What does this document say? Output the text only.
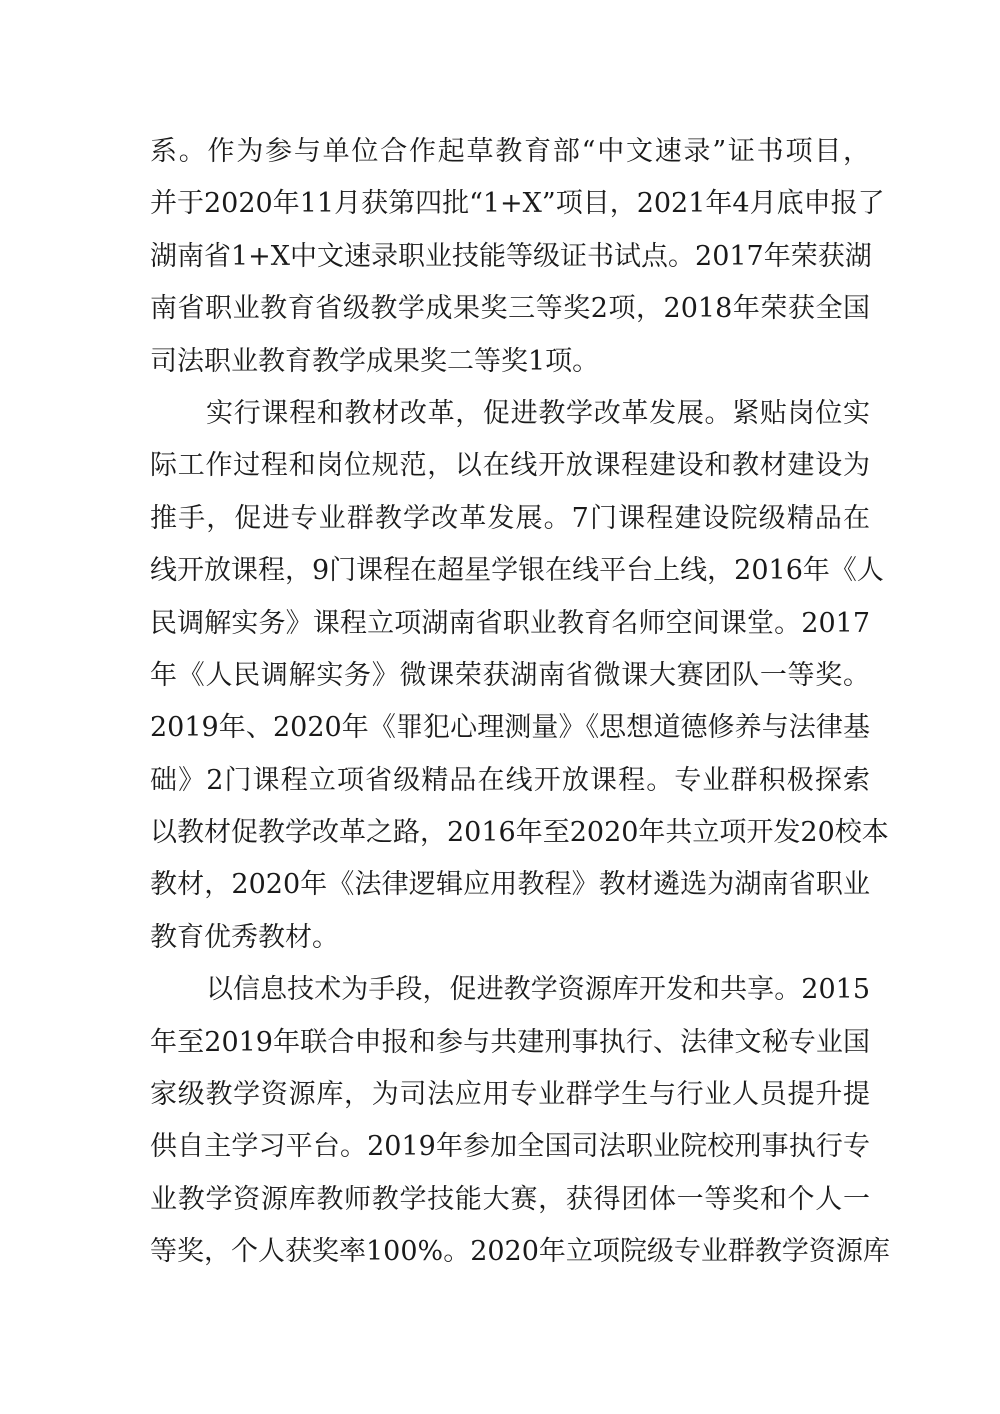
系。作为参与单位合作起草教育部“中文速录”证书项目，
并于2020年11月获第四批“1+X”项目，2021年4月底申报了
湖南省1+X中文速录职业技能等级证书试点。2017年荣获湖
南省职业教育省级教学成果奖三等奖2项，2018年荣获全国
司法职业教育教学成果奖二等奖1项。
实行课程和教材改革，促进教学改革发展。紧贴岗位实
际工作过程和岗位规范，以在线开放课程建设和教材建设为
推手，促进专业群教学改革发展。7门课程建设院级精品在
线开放课程，9门课程在超星学银在线平台上线，2016年《人
民调解实务》课程立项湖南省职业教育名师空间课堂。2017
年《人民调解实务》微课荣获湖南省微课大赛团队一等奖。
2019年、2020年《罪犯心理测量》《思想道德修养与法律基
础》2门课程立项省级精品在线开放课程。专业群积极探索
以教材促教学改革之路，2016年至2020年共立项开发20校本
教材，2020年《法律逻辑应用教程》教材遴选为湖南省职业
教育优秀教材。
以信息技术为手段，促进教学资源库开发和共享。2015
年至2019年联合申报和参与共建刑事执行、法律文秘专业国
家级教学资源库，为司法应用专业群学生与行业人员提升提
供自主学习平台。2019年参加全国司法职业院校刑事执行专
业教学资源库教师教学技能大赛，获得团体一等奖和个人一
等奖，个人获奖率100%。2020年立项院级专业群教学资源库
